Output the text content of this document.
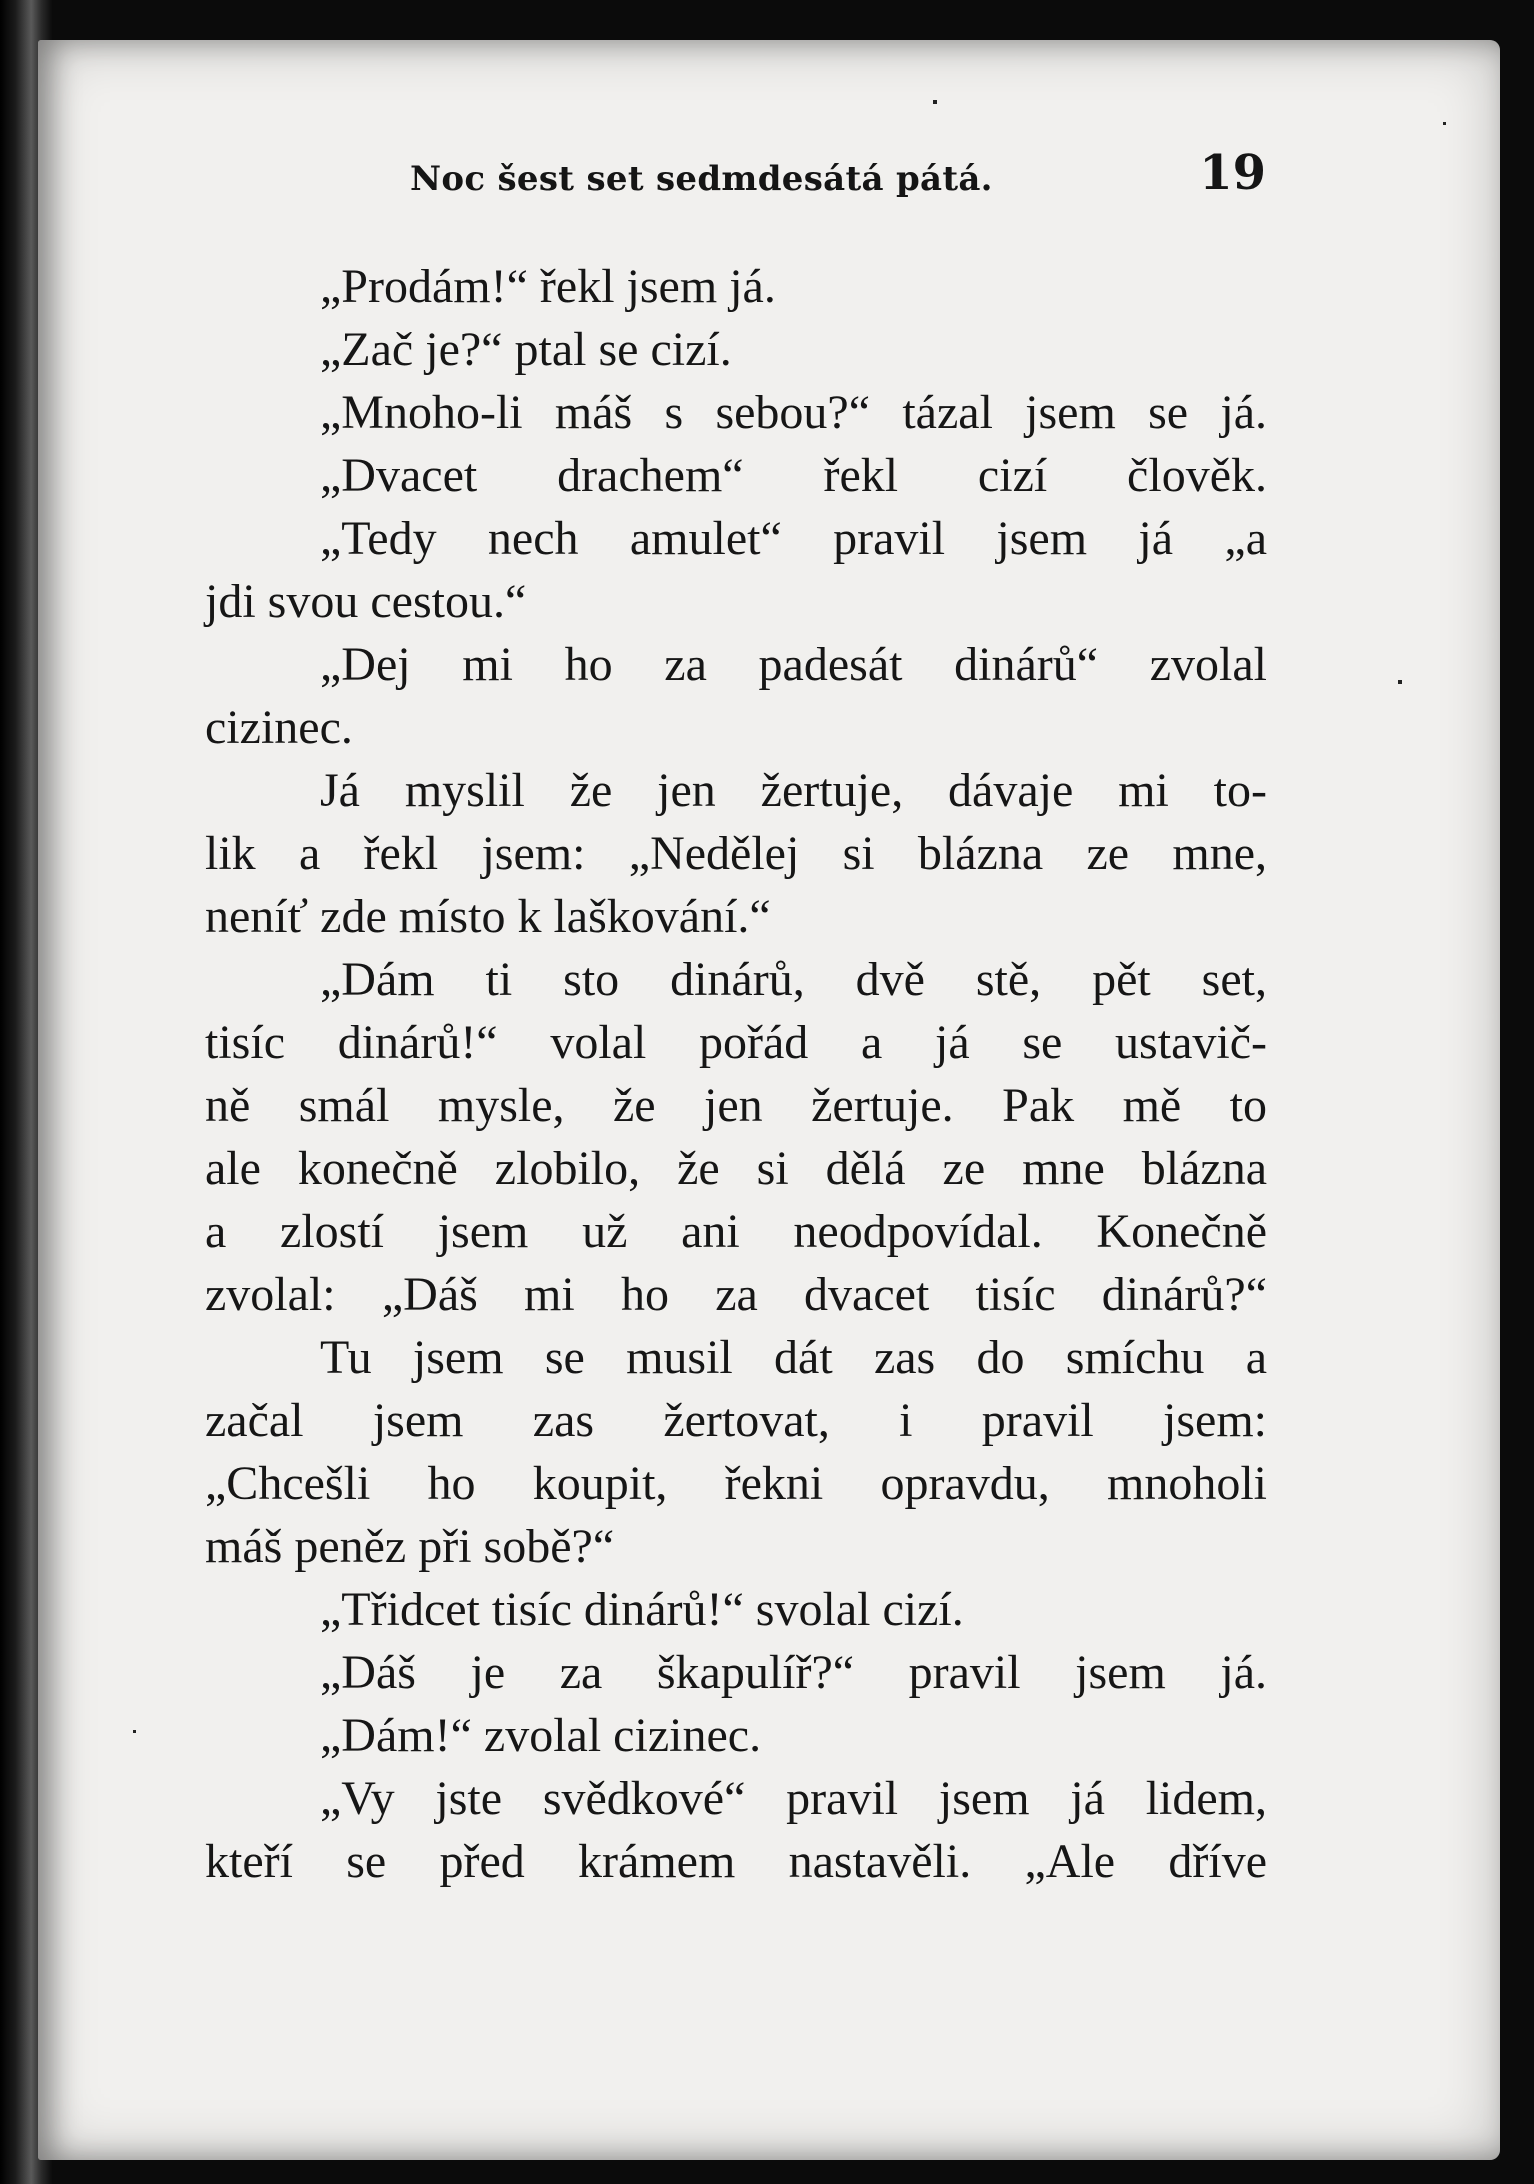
Noc šest set sedmdesátá pátá.	19
„Prodám!“ řekl jsem já.
„Zač je?“ ptal se cizí.
„Mnoho-li máš s sebou?“ tázal jsem se já.
„Dvacet drachem“ řekl cizí člověk.
„Tedy nech amulet“ pravil jsem já „a
jdi svou cestou.“
„Dej mi ho za padesát dinárů“ zvolal
cizinec.
Já myslil že jen žertuje, dávaje mi to-
lik a řekl jsem: „Nedělej si blázna ze mne,
neníť zde místo k laškování.“
„Dám ti sto dinárů, dvě stě, pět set,
tisíc dinárů!“ volal pořád a já se ustavič-
ně smál mysle, že jen žertuje. Pak mě to
ale konečně zlobilo, že si dělá ze mne blázna
a zlostí jsem už ani neodpovídal. Konečně
zvolal: „Dáš mi ho za dvacet tisíc dinárů?“
Tu jsem se musil dát zas do smíchu a
začal jsem zas žertovat, i pravil jsem:
„Chcešli ho koupit, řekni opravdu, mnoholi
máš peněz při sobě?“
„Třidcet tisíc dinárů!“ svolal cizí.
„Dáš je za škapulíř?“ pravil jsem já.
„Dám!“ zvolal cizinec.
„Vy jste svědkové“ pravil jsem já lidem,
kteří se před krámem nastavěli. „Ale dříve
